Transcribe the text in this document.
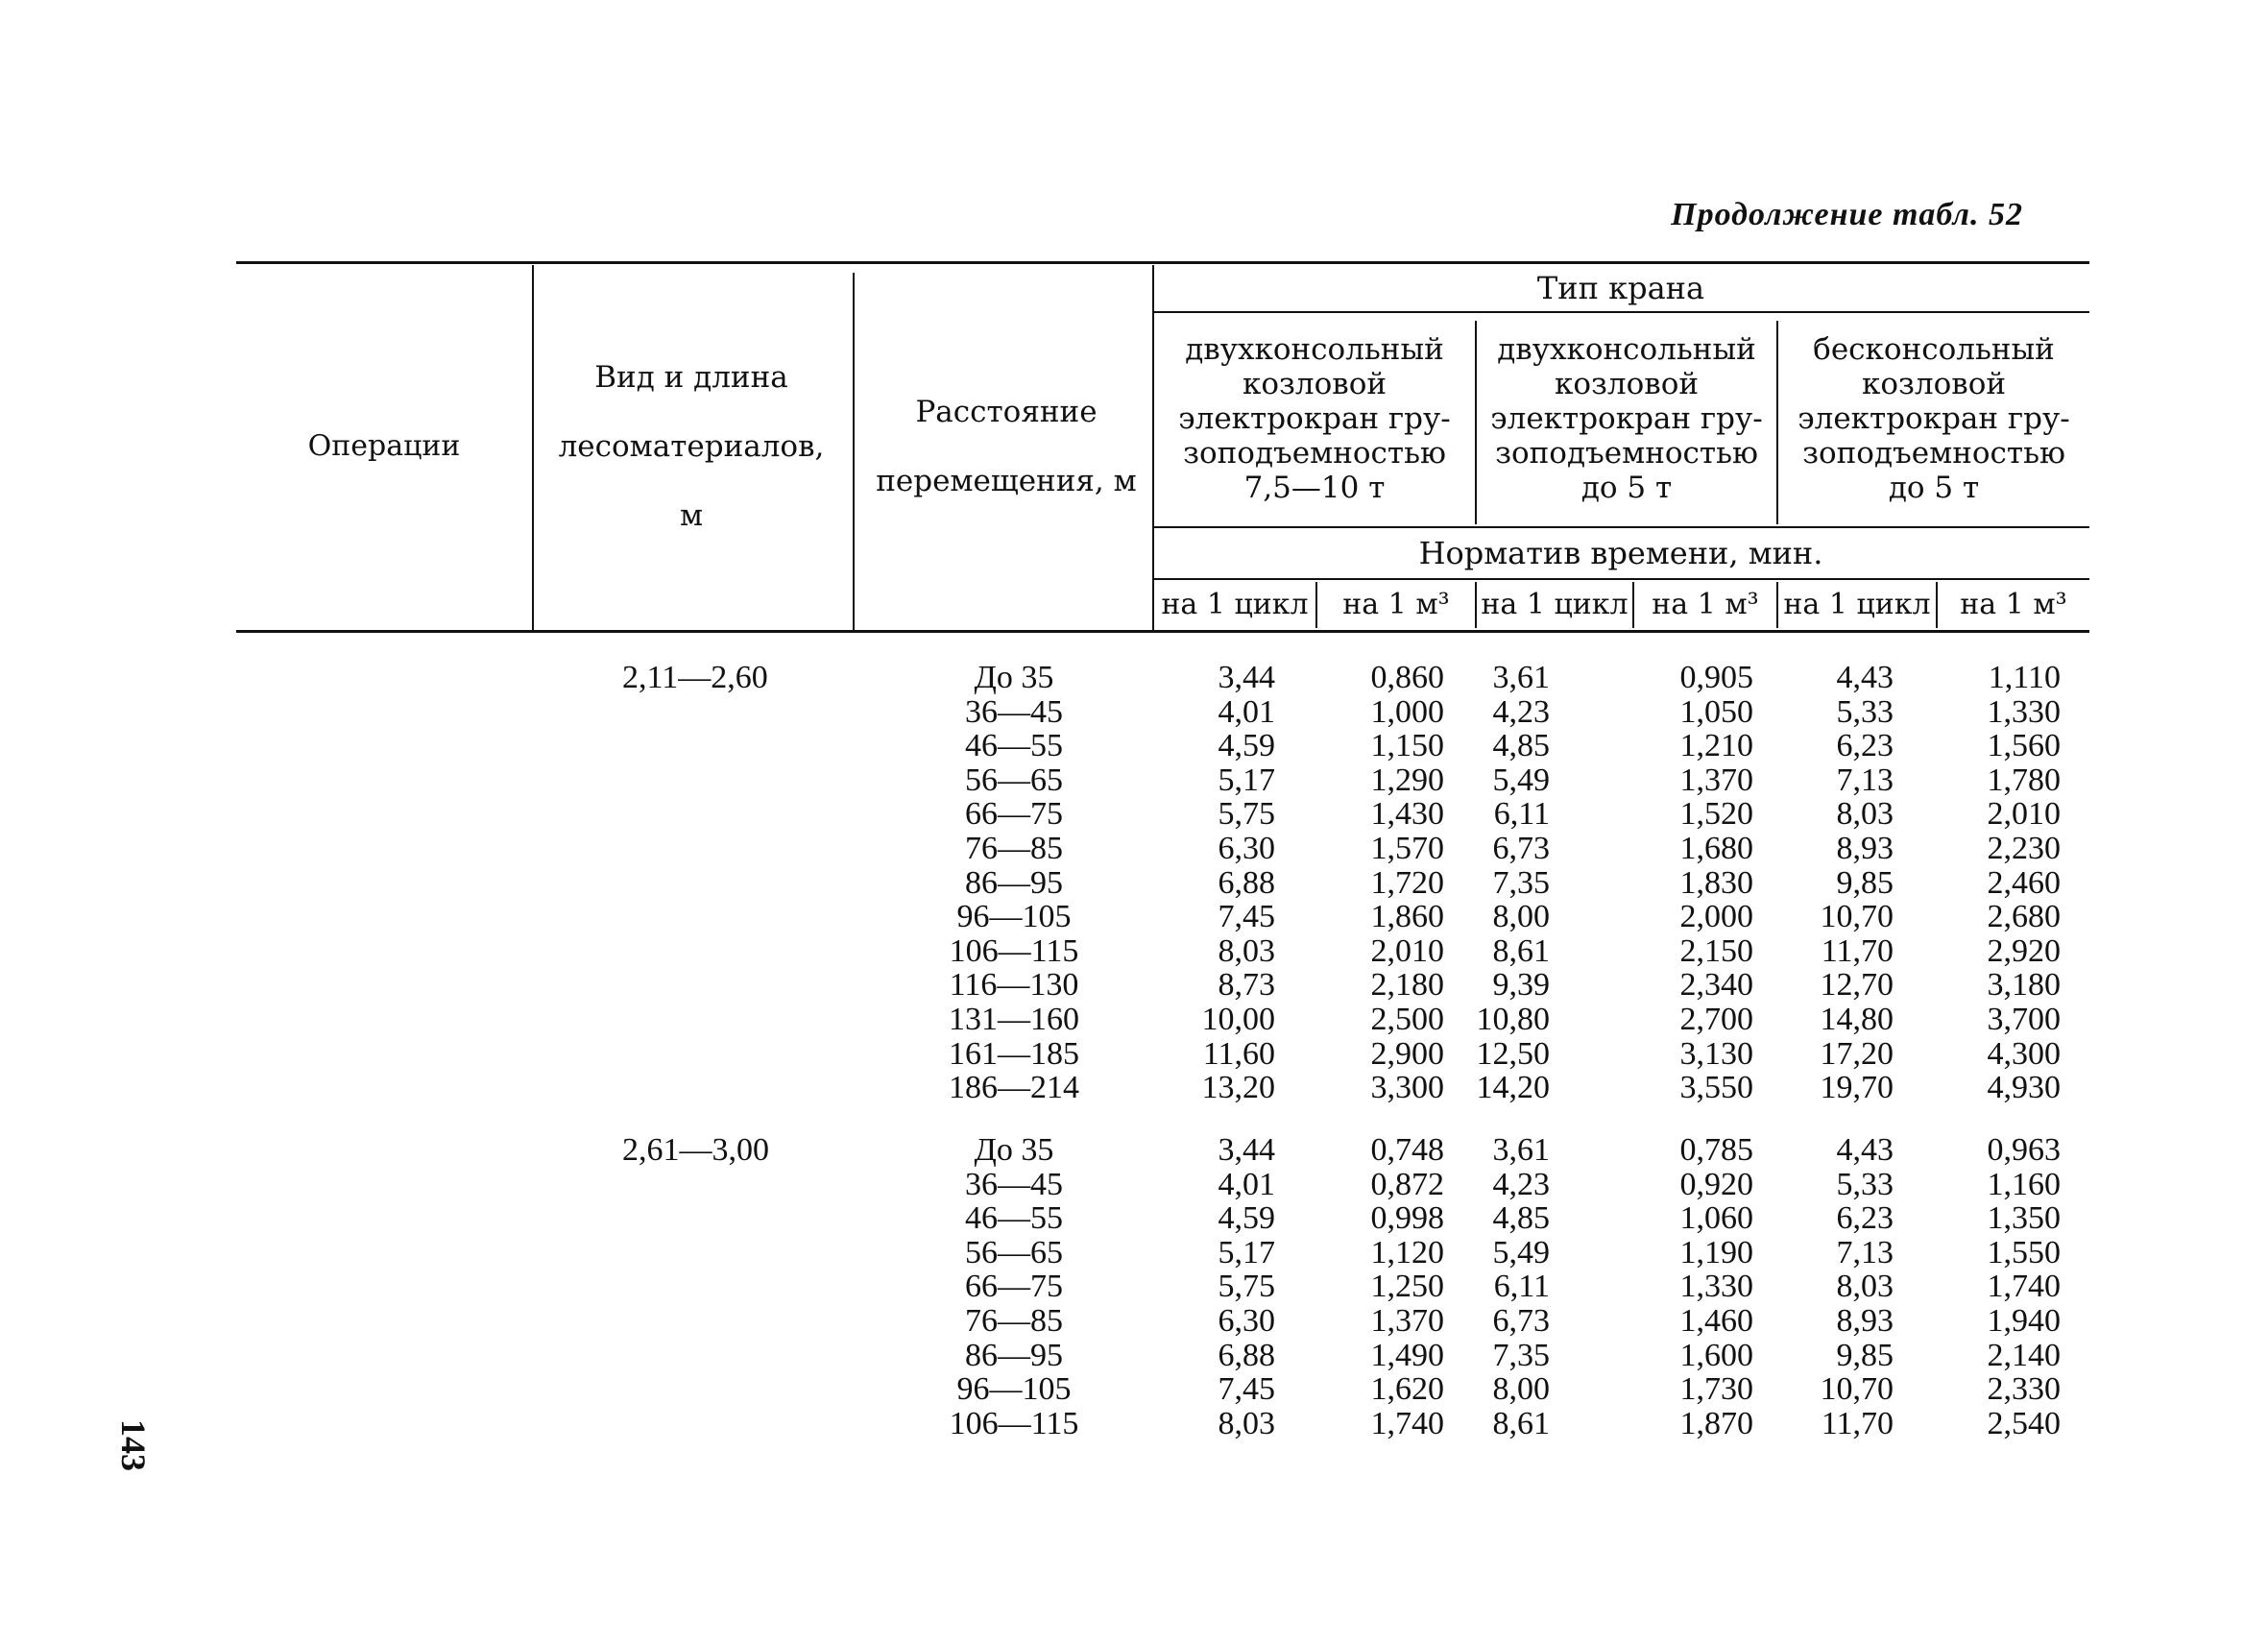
Продолжение табл. 52
Операции
Вид и длина лесоматериалов, м
Расстояние перемещения, м
Тип крана
двухконсольный козловой электрокран грузоподъемностью 7,5—10 т
двухконсольный козловой электрокран грузоподъемностью до 5 т
бесконсольный козловой электрокран грузоподъемностью до 5 т
Норматив времени, мин.
на 1 цикл	на 1 м³	на 1 цикл на 1 м³ на 1 цикл	на 1 м³
2,11—2,60	До 35	3,44	0,860	3,61	0,905	4,43	1,110
36—45	4,01	1,000	4,23	1,050	5,33	1,330
46—55	4,59	1,150	4,85	1,210	6,23	1,560
56—65	5,17	1,290	5,49	1,370	7,13	1,780
66—75	5,75	1,430	6,11	1,520	8,03	2,010
76—85	6,30	1,570	6,73	1,680	8,93	2,230
86—95	6,88	1,720	7,35	1,830	9,85	2,460
96—105	7,45	1,860	8,00	2,000	10,70	2,680
106—115	8,03	2,010	8,61	2,150	11,70	2,920
116—130	8,73	2,180	9,39	2,340	12,70	3,180
131—160	10,00	2,500 10,80	2,700	14,80	3,700
161—185	11,60	2,900 12,50	3,130	17,20	4,300
186—214	13,20	3,300 14,20	3,550	19,70	4,930
2,61—3,00	До 35	3,44	0,748	3,61	0,785	4,43	0,963
36—45	4,01	0,872	4,23	0,920	5,33	1,160
46—55	4,59	0,998	4,85	1,060	6,23	1,350
56—65	5,17	1,120	5,49	1,190	7,13	1,550
66—75	5,75	1,250	6,11	1,330	8,03	1,740
76—85	6,30	1,370	6,73	1,460	8,93	1,940
86—95	6,88	1,490	7,35	1,600	9,85	2,140
96—105	7,45	1,620	8,00	1,730	10,70	2,330
106—115	8,03	1,740	8,61	1,870	11,70	2,540
143
